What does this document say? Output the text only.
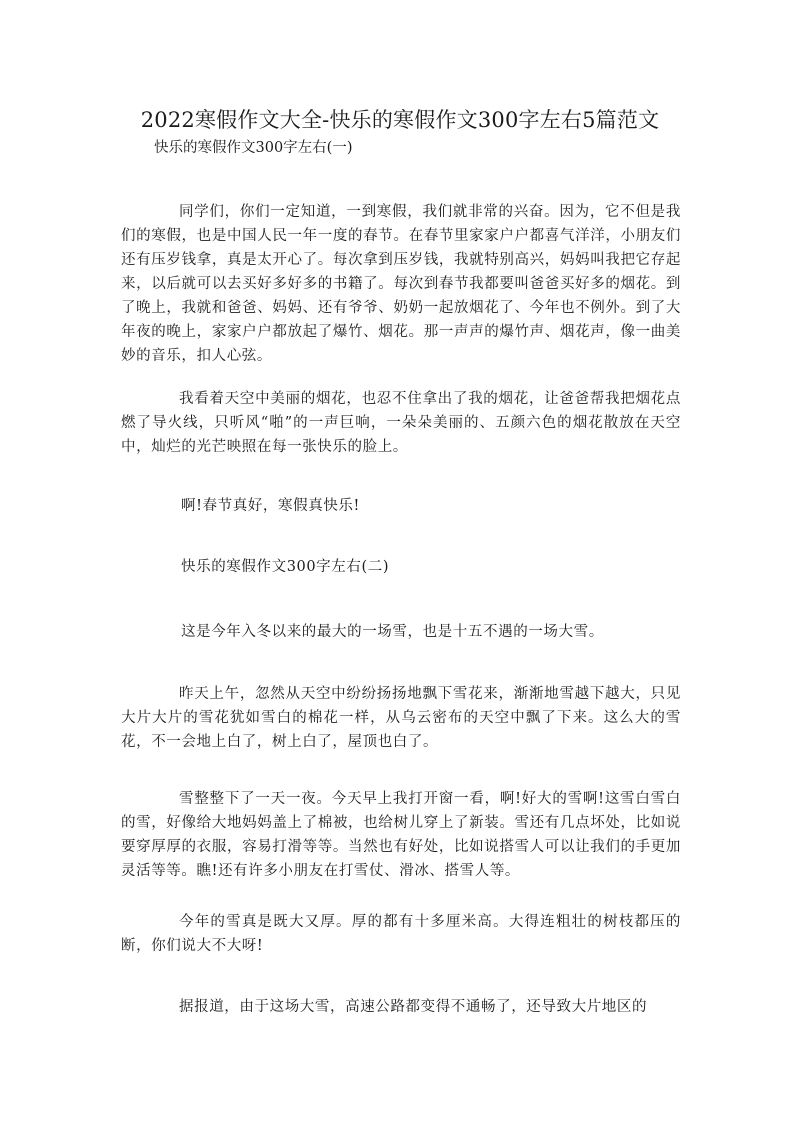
2022寒假作文大全-快乐的寒假作文300字左右5篇范文
快乐的寒假作文300字左右(一)
同学们，你们一定知道，一到寒假，我们就非常的兴奋。因为，它不但是我们的寒假，也是中国人民一年一度的春节。在春节里家家户户都喜气洋洋，小朋友们还有压岁钱拿，真是太开心了。每次拿到压岁钱，我就特别高兴，妈妈叫我把它存起来，以后就可以去买好多好多的书籍了。每次到春节我都要叫爸爸买好多的烟花。到了晚上，我就和爸爸、妈妈、还有爷爷、奶奶一起放烟花了、今年也不例外。到了大年夜的晚上，家家户户都放起了爆竹、烟花。那一声声的爆竹声、烟花声，像一曲美妙的音乐，扣人心弦。
我看着天空中美丽的烟花，也忍不住拿出了我的烟花，让爸爸帮我把烟花点燃了导火线，只听风“啪”的一声巨响，一朵朵美丽的、五颜六色的烟花散放在天空中，灿烂的光芒映照在每一张快乐的脸上。
啊!春节真好，寒假真快乐!
快乐的寒假作文300字左右(二)
这是今年入冬以来的最大的一场雪，也是十五不遇的一场大雪。
昨天上午，忽然从天空中纷纷扬扬地飘下雪花来，渐渐地雪越下越大，只见大片大片的雪花犹如雪白的棉花一样，从乌云密布的天空中飘了下来。这么大的雪花，不一会地上白了，树上白了，屋顶也白了。
雪整整下了一天一夜。今天早上我打开窗一看，啊!好大的雪啊!这雪白雪白的雪，好像给大地妈妈盖上了棉被，也给树儿穿上了新装。雪还有几点坏处，比如说要穿厚厚的衣服，容易打滑等等。当然也有好处，比如说搭雪人可以让我们的手更加灵活等等。瞧!还有许多小朋友在打雪仗、滑冰、搭雪人等。
今年的雪真是既大又厚。厚的都有十多厘米高。大得连粗壮的树枝都压的断，你们说大不大呀!
据报道，由于这场大雪，高速公路都变得不通畅了，还导致大片地区的
